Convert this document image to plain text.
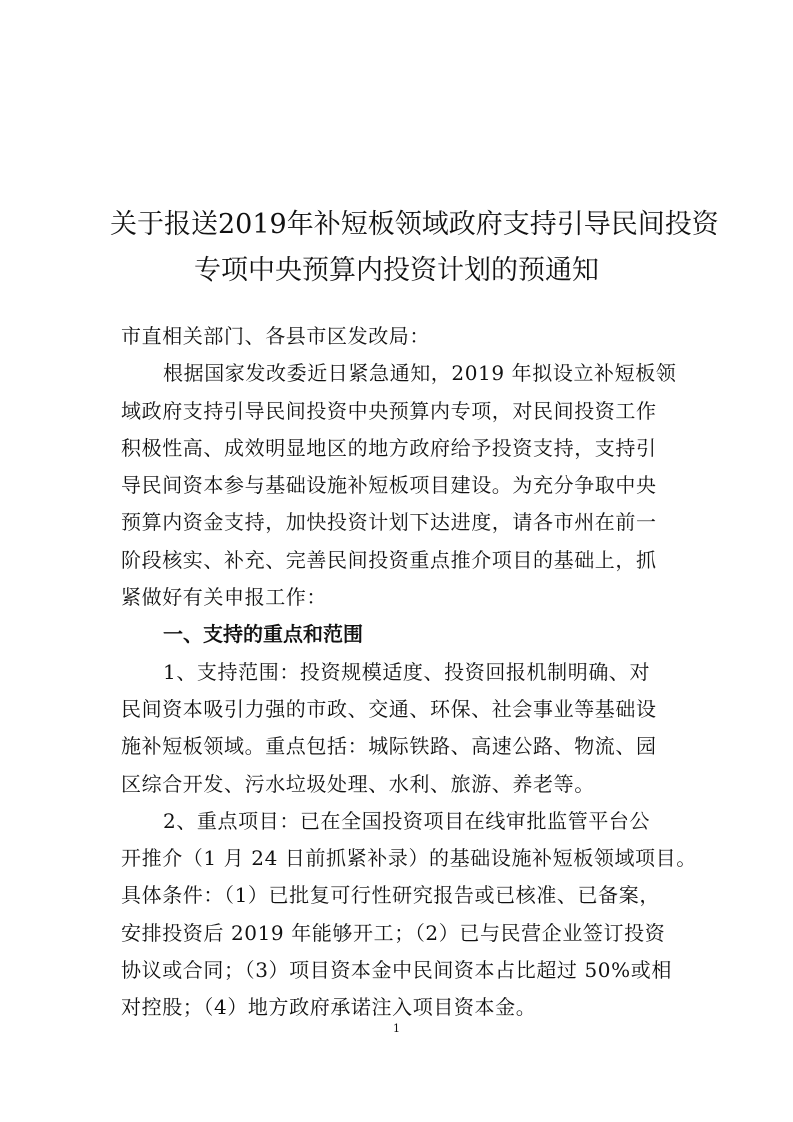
关于报送2019年补短板领域政府支持引导民间投资
专项中央预算内投资计划的预通知
市直相关部门、各县市区发改局：
根据国家发改委近日紧急通知，2019 年拟设立补短板领
域政府支持引导民间投资中央预算内专项，对民间投资工作
积极性高、成效明显地区的地方政府给予投资支持，支持引
导民间资本参与基础设施补短板项目建设。为充分争取中央
预算内资金支持，加快投资计划下达进度，请各市州在前一
阶段核实、补充、完善民间投资重点推介项目的基础上，抓
紧做好有关申报工作：
一、支持的重点和范围
1、支持范围：投资规模适度、投资回报机制明确、对
民间资本吸引力强的市政、交通、环保、社会事业等基础设
施补短板领域。重点包括：城际铁路、高速公路、物流、园
区综合开发、污水垃圾处理、水利、旅游、养老等。
2、重点项目：已在全国投资项目在线审批监管平台公
开推介（1 月 24 日前抓紧补录）的基础设施补短板领域项目。
具体条件：（1）已批复可行性研究报告或已核准、已备案，
安排投资后 2019 年能够开工；（2）已与民营企业签订投资
协议或合同；（3）项目资本金中民间资本占比超过 50%或相
对控股；（4）地方政府承诺注入项目资本金。
1
